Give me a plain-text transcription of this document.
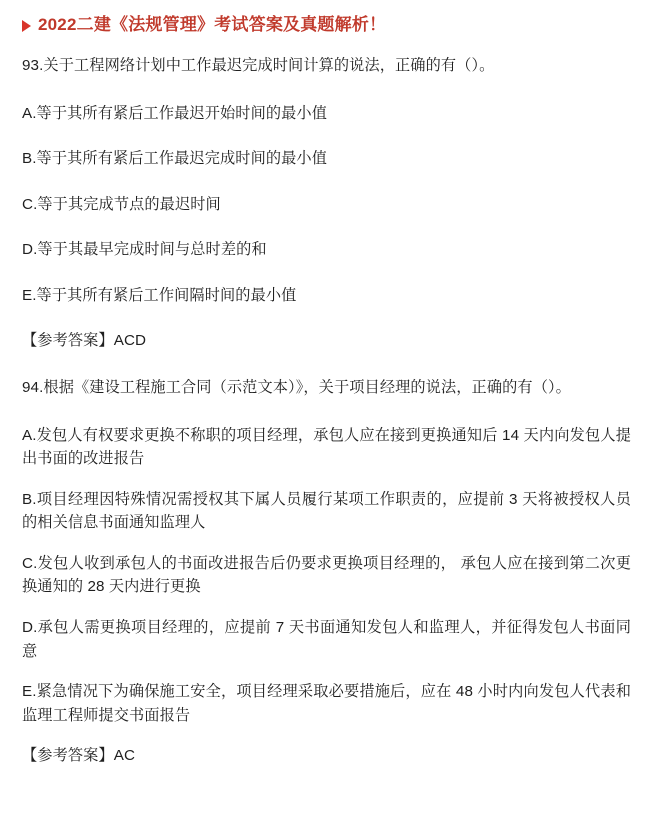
2022二建《法规管理》考试答案及真题解析！

93.关于工程网络计划中工作最迟完成时间计算的说法，正确的有（）。

A.等于其所有紧后工作最迟开始时间的最小值

B.等于其所有紧后工作最迟完成时间的最小值

C.等于其完成节点的最迟时间

D.等于其最早完成时间与总时差的和

E.等于其所有紧后工作间隔时间的最小值

【参考答案】ACD

94.根据《建设工程施工合同（示范文本）》，关于项目经理的说法，正确的有（）。

A.发包人有权要求更换不称职的项目经理，承包人应在接到更换通知后 14 天内向发包人提出书面的改进报告

B.项目经理因特殊情况需授权其下属人员履行某项工作职责的，应提前 3 天将被授权人员的相关信息书面通知监理人

C.发包人收到承包人的书面改进报告后仍要求更换项目经理的， 承包人应在接到第二次更换通知的 28 天内进行更换

D.承包人需更换项目经理的，应提前 7 天书面通知发包人和监理人，并征得发包人书面同意

E.紧急情况下为确保施工安全，项目经理采取必要措施后，应在 48 小时内向发包人代表和监理工程师提交书面报告

【参考答案】AC
